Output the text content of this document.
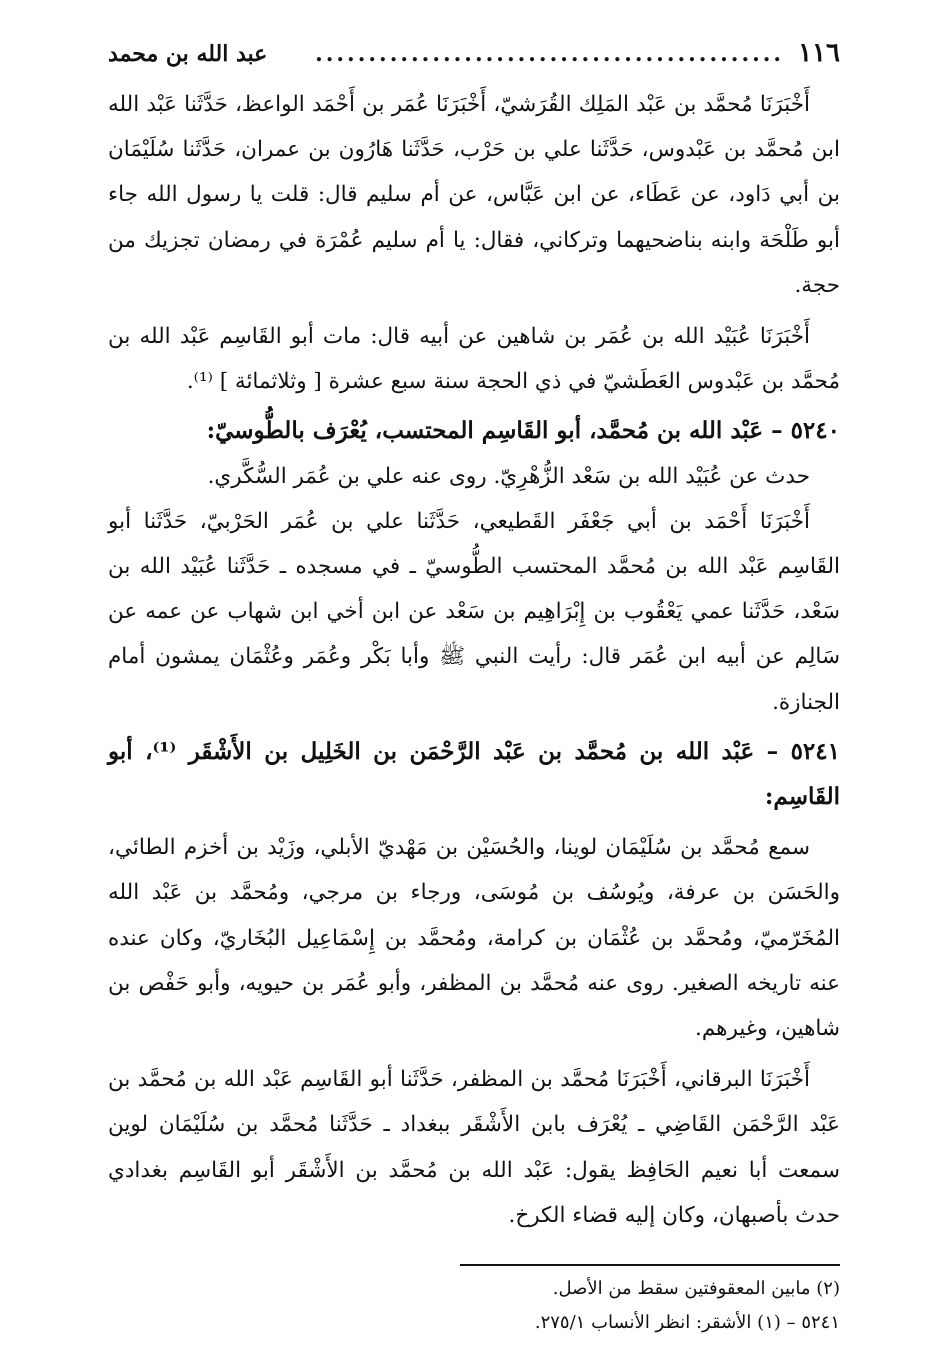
١١٦
............................................
عبد الله بن محمد

أَخْبَرَنَا مُحمَّد بن عَبْد المَلِك القُرَشيّ، أَخْبَرَنَا عُمَر بن أَحْمَد الواعظ، حَدَّثَنا عَبْد الله ابن مُحمَّد بن عَبْدوس، حَدَّثَنا علي بن حَرْب، حَدَّثَنا هَارُون بن عمران، حَدَّثَنا سُلَيْمَان بن أبي دَاود، عن عَطَاء، عن ابن عَبَّاس، عن أم سليم قال: قلت يا رسول الله جاء أبو طَلْحَة وابنه بناضحيهما وتركاني، فقال: يا أم سليم عُمْرَة في رمضان تجزيك من حجة.

أَخْبَرَنَا عُبَيْد الله بن عُمَر بن شاهين عن أبيه قال: مات أبو القَاسِم عَبْد الله بن مُحمَّد بن عَبْدوس العَطَشيّ في ذي الحجة سنة سبع عشرة [ وثلاثمائة ] ⁽¹⁾.

٥٢٤٠ – عَبْد الله بن مُحمَّد، أبو القَاسِم المحتسب، يُعْرَف بالطُّوسيّ:

حدث عن عُبَيْد الله بن سَعْد الزُّهْرِيّ. روى عنه علي بن عُمَر السُّكَّري.

أَخْبَرَنَا أَحْمَد بن أبي جَعْفَر القَطيعي، حَدَّثَنا علي بن عُمَر الحَرْبيّ، حَدَّثَنا أبو القَاسِم عَبْد الله بن مُحمَّد المحتسب الطُّوسيّ ـ في مسجده ـ حَدَّثَنا عُبَيْد الله بن سَعْد، حَدَّثَنا عمي يَعْقُوب بن إِبْرَاهِيم بن سَعْد عن ابن أخي ابن شهاب عن عمه عن سَالِم عن أبيه ابن عُمَر قال: رأيت النبي ﷺ وأبا بَكْر وعُمَر وعُثْمَان يمشون أمام الجنازة.

٥٢٤١ – عَبْد الله بن مُحمَّد بن عَبْد الرَّحْمَن بن الخَلِيل بن الأَشْقَر ⁽¹⁾، أبو القَاسِم:

سمع مُحمَّد بن سُلَيْمَان لوينا، والحُسَيْن بن مَهْديّ الأبلي، وزَيْد بن أخزم الطائي، والحَسَن بن عرفة، ويُوسُف بن مُوسَى، ورجاء بن مرجي، ومُحمَّد بن عَبْد الله المُخَرّميّ، ومُحمَّد بن عُثْمَان بن كرامة، ومُحمَّد بن إِسْمَاعِيل البُخَاريّ، وكان عنده عنه تاريخه الصغير. روى عنه مُحمَّد بن المظفر، وأبو عُمَر بن حيويه، وأبو حَفْص بن شاهين، وغيرهم.

أَخْبَرَنَا البرقاني، أَخْبَرَنَا مُحمَّد بن المظفر، حَدَّثَنا أبو القَاسِم عَبْد الله بن مُحمَّد بن عَبْد الرَّحْمَن القَاضِي ـ يُعْرَف بابن الأَشْقَر ببغداد ـ حَدَّثَنا مُحمَّد بن سُلَيْمَان لوين سمعت أبا نعيم الحَافِظ يقول: عَبْد الله بن مُحمَّد بن الأَشْقَر أبو القَاسِم بغدادي حدث بأصبهان، وكان إليه قضاء الكرخ.

(٢) مابين المعقوفتين سقط من الأصل.

٥٢٤١ – (١) الأشقر: انظر الأنساب ٢٧٥/١.
